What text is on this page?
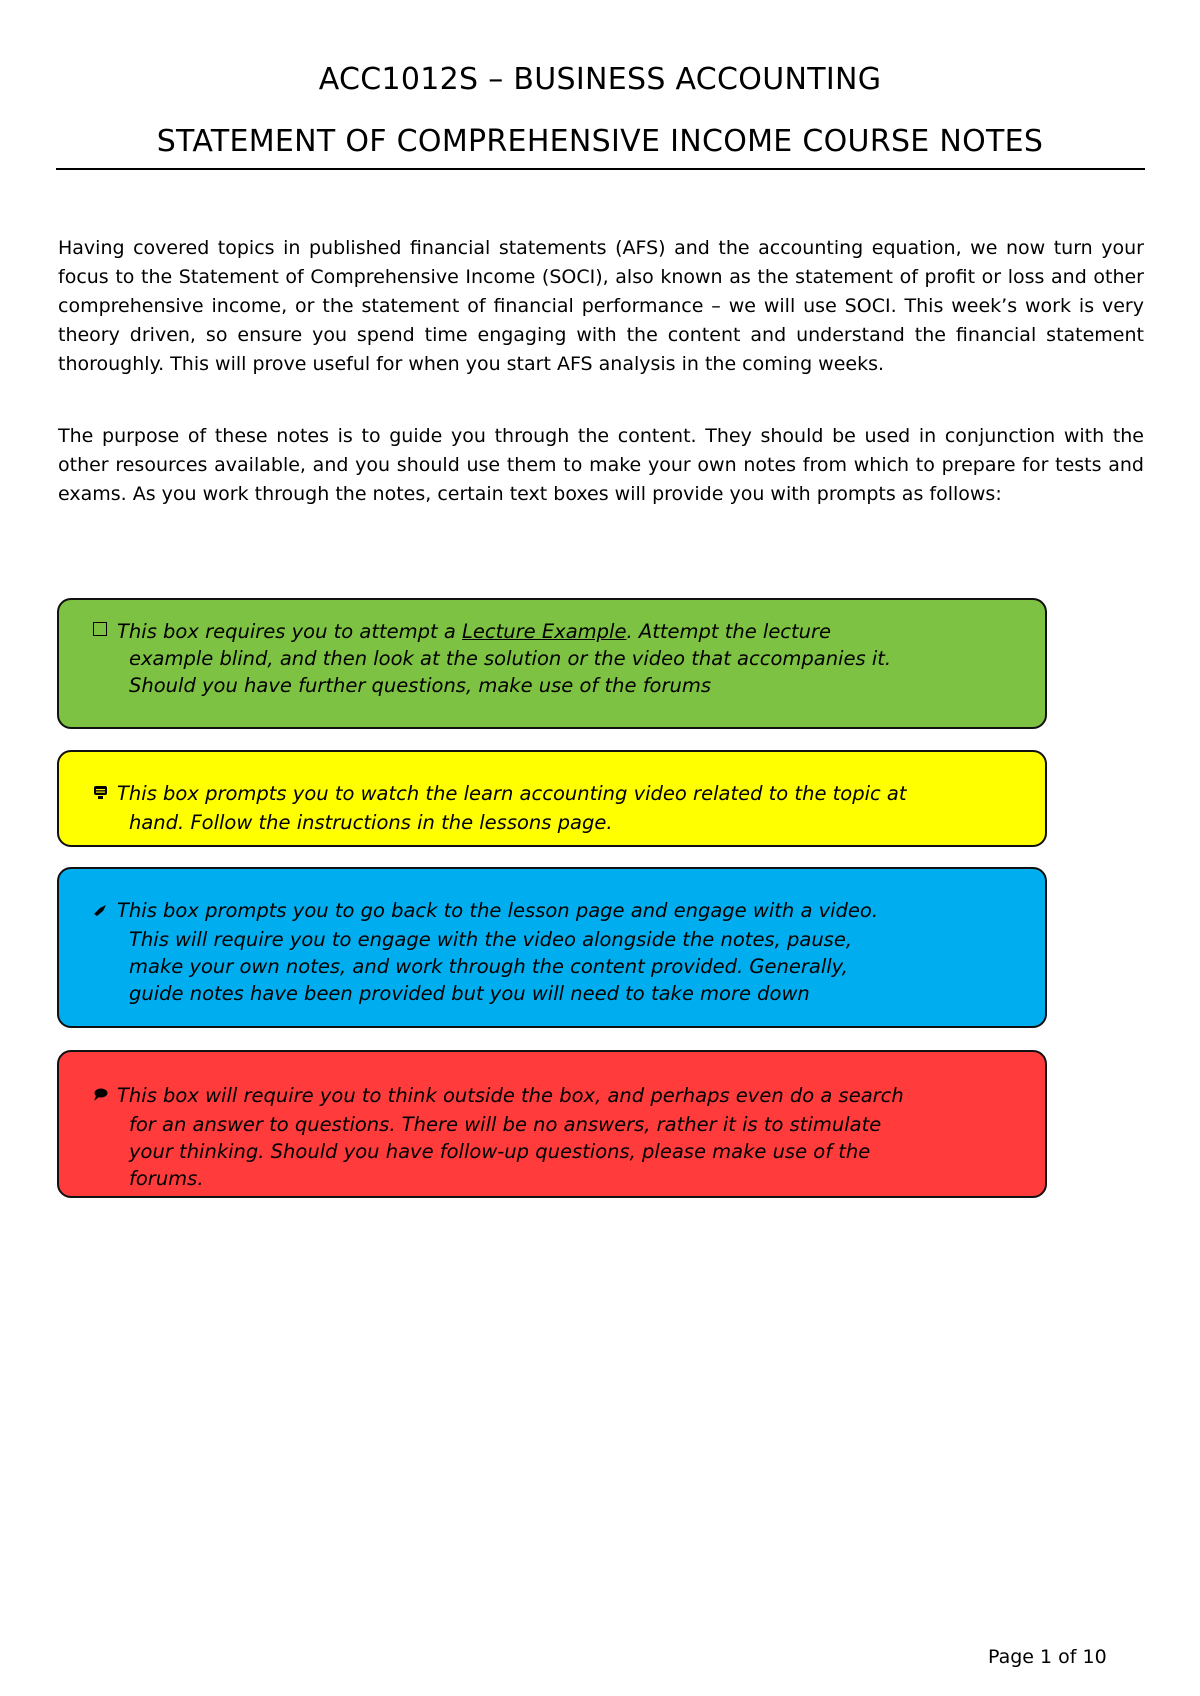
ACC1012S – BUSINESS ACCOUNTING
STATEMENT OF COMPREHENSIVE INCOME COURSE NOTES

Having covered topics in published financial statements (AFS) and the accounting equation, we now turn your focus to the Statement of Comprehensive Income (SOCI), also known as the statement of profit or loss and other comprehensive income, or the statement of financial performance – we will use SOCI. This week’s work is very theory driven, so ensure you spend time engaging with the content and understand the financial statement thoroughly. This will prove useful for when you start AFS analysis in the coming weeks.

The purpose of these notes is to guide you through the content. They should be used in conjunction with the other resources available, and you should use them to make your own notes from which to prepare for tests and exams. As you work through the notes, certain text boxes will provide you with prompts as follows:

This box requires you to attempt a Lecture Example. Attempt the lecture
example blind, and then look at the solution or the video that accompanies it.
Should you have further questions, make use of the forums
This box prompts you to watch the learn accounting video related to the topic at
hand. Follow the instructions in the lessons page.
This box prompts you to go back to the lesson page and engage with a video.
This will require you to engage with the video alongside the notes, pause,
make your own notes, and work through the content provided. Generally,
guide notes have been provided but you will need to take more down
This box will require you to think outside the box, and perhaps even do a search
for an answer to questions. There will be no answers, rather it is to stimulate
your thinking. Should you have follow-up questions, please make use of the
forums.
Page 1 of 10
